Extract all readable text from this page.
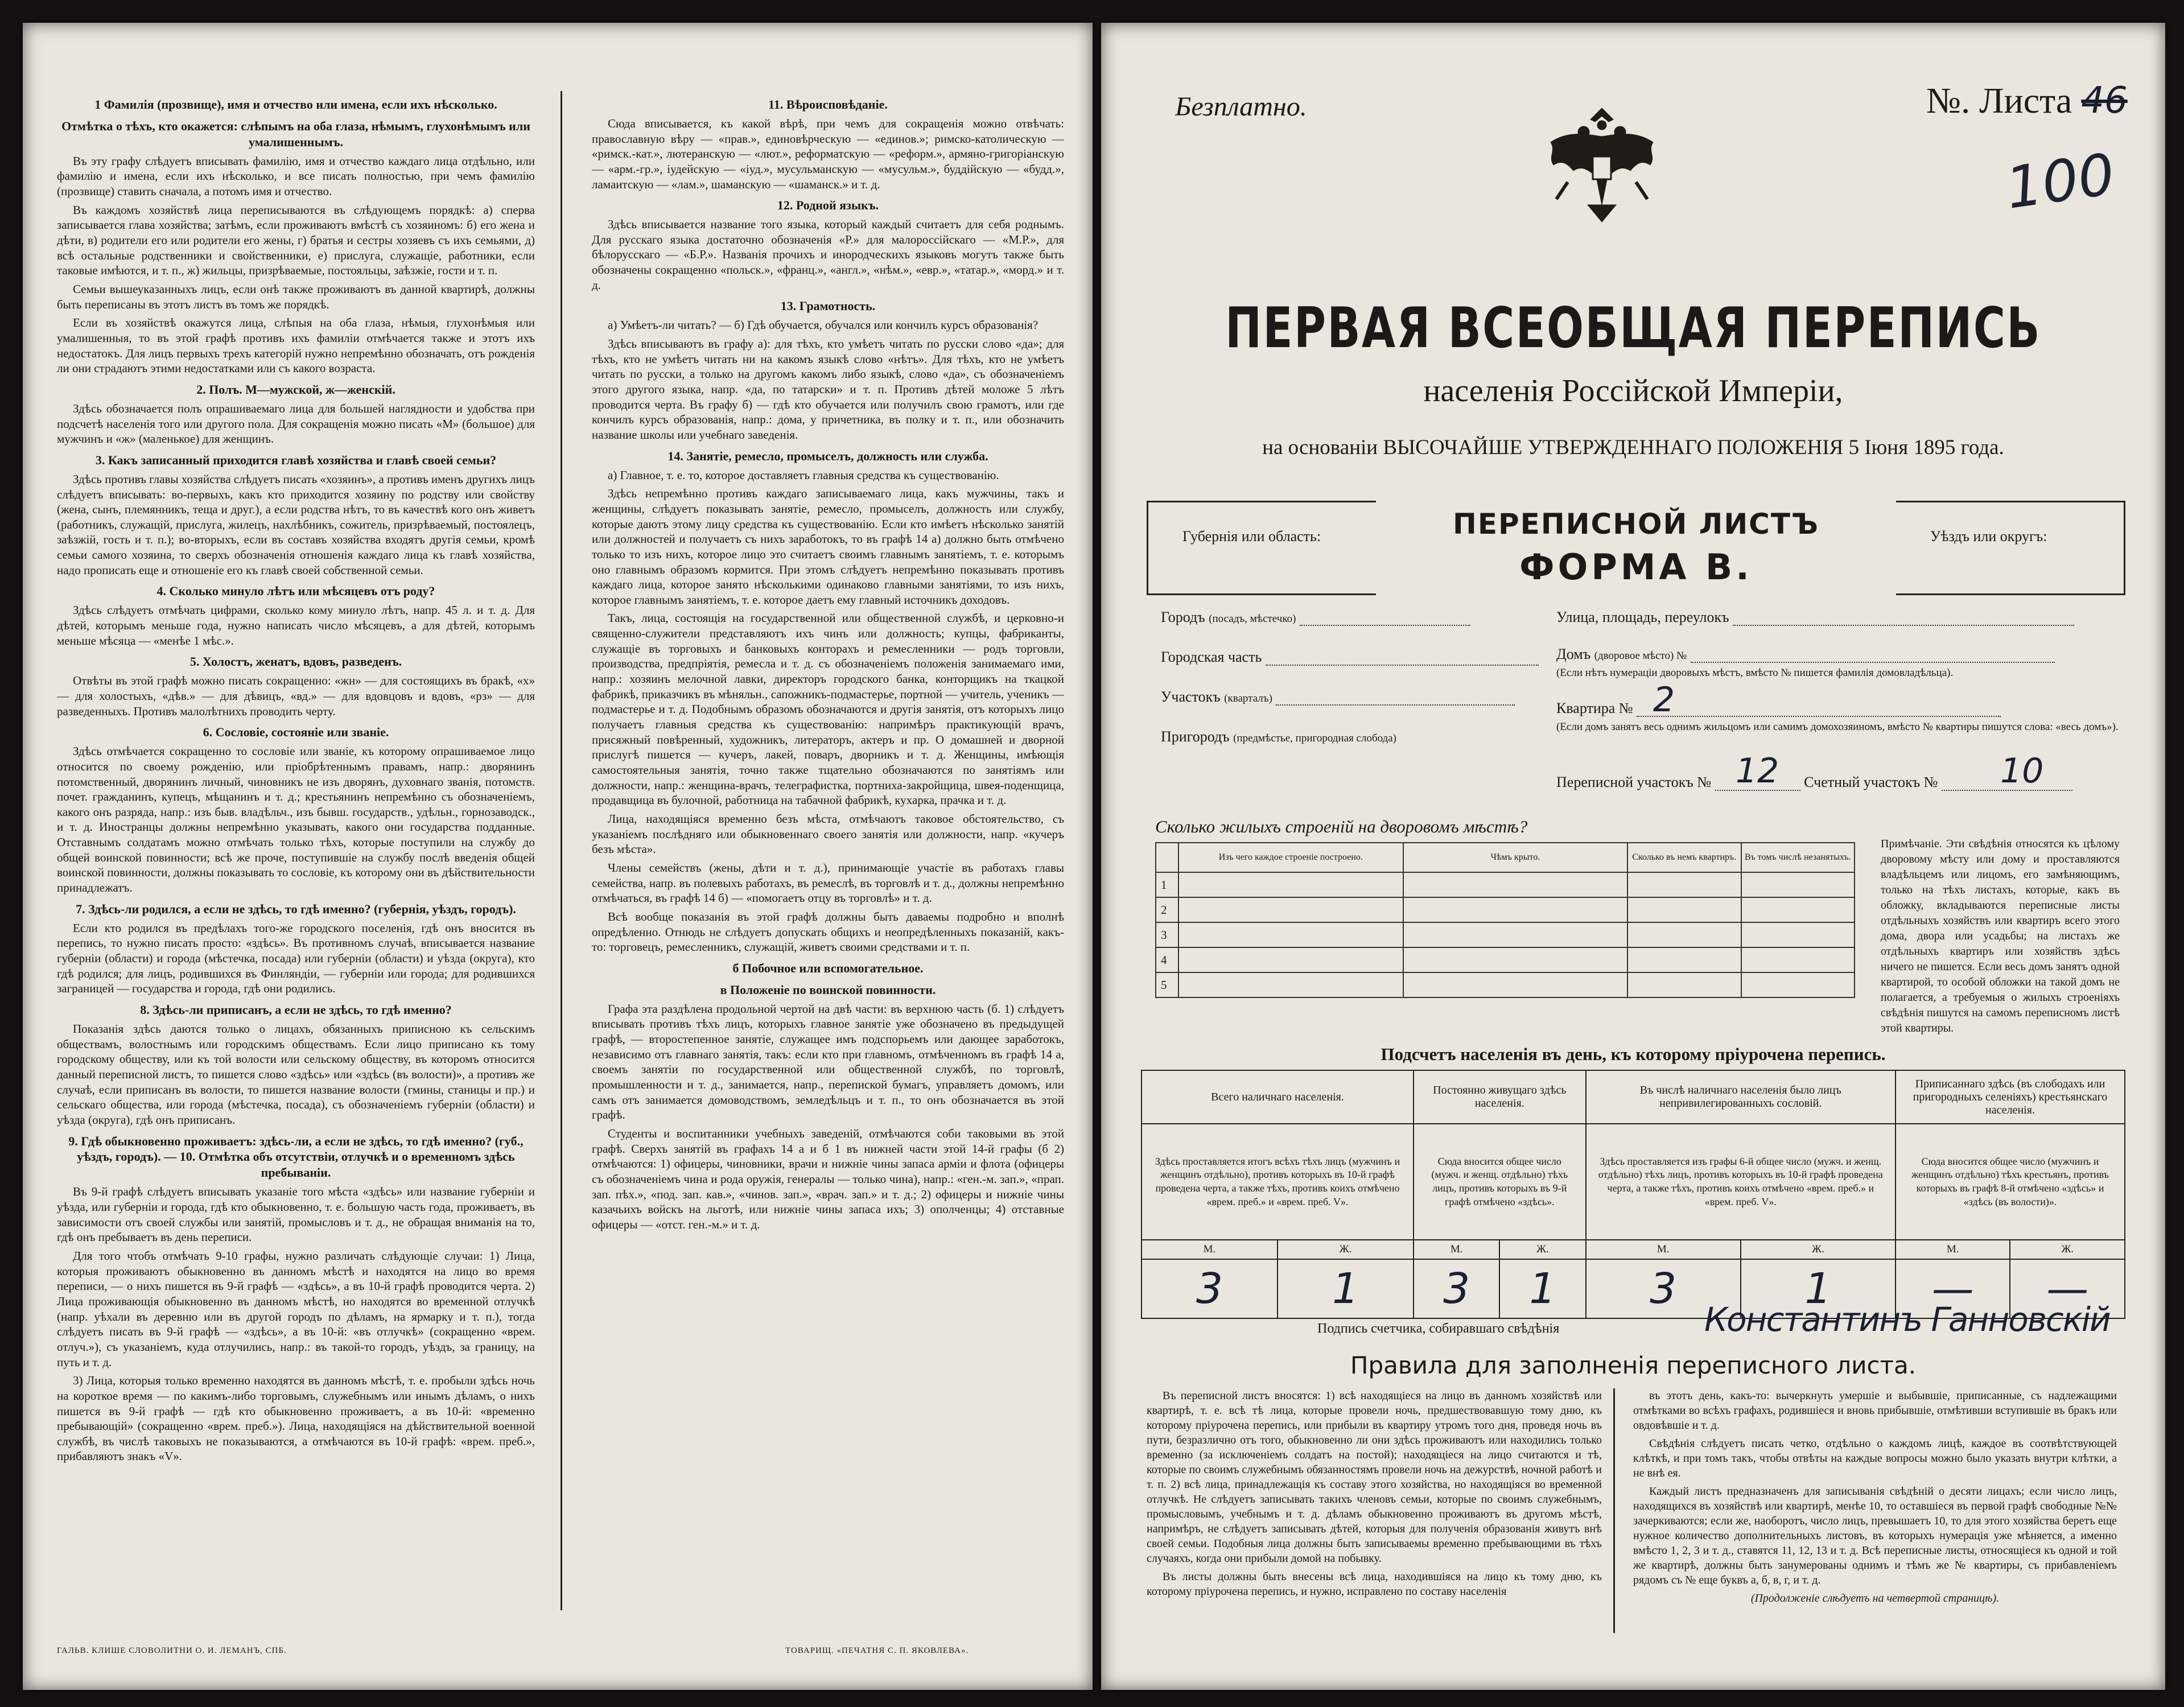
1 Фамилія (прозвище), имя и отчество или имена, если ихъ нѣсколько.

Отмѣтка о тѣхъ, кто окажется: слѣпымъ на оба глаза, нѣмымъ, глухонѣмымъ или умалишеннымъ.

Въ эту графу слѣдуетъ вписывать фамилію, имя и отчество каждаго лица отдѣльно, или фамилію и имена, если ихъ нѣсколько, и все писать полностью, при чемъ фамилію (прозвище) ставить сначала, а потомъ имя и отчество.

Въ каждомъ хозяйствѣ лица переписываются въ слѣдующемъ порядкѣ: а) сперва записывается глава хозяйства; затѣмъ, если проживаютъ вмѣстѣ съ хозяиномъ: б) его жена и дѣти, в) родители его или родители его жены, г) братья и сестры хозяевъ съ ихъ семьями, д) всѣ остальные родственники и свойственники, е) прислуга, служащіе, работники, если таковые имѣются, и т. п., ж) жильцы, призрѣваемые, постояльцы, заѣзжіе, гости и т. п.

Семьи вышеуказанныхъ лицъ, если онѣ также проживаютъ въ данной квартирѣ, должны быть переписаны въ этотъ листъ въ томъ же порядкѣ.

Если въ хозяйствѣ окажутся лица, слѣпыя на оба глаза, нѣмыя, глухонѣмыя или умалишенныя, то въ этой графѣ противъ ихъ фамиліи отмѣчается также и этотъ ихъ недостатокъ. Для лицъ первыхъ трехъ категорій нужно непремѣнно обозначать, отъ рожденія ли они страдаютъ этими недостатками или съ какого возраста.

2. Полъ. М—мужской, ж—женскій.

Здѣсь обозначается полъ опрашиваемаго лица для большей наглядности и удобства при подсчетѣ населенія того или другого пола. Для сокращенія можно писать «М» (большое) для мужчинъ и «ж» (маленькое) для женщинъ.

3. Какъ записанный приходится главѣ хозяйства и главѣ своей семьи?

Здѣсь противъ главы хозяйства слѣдуетъ писать «хозяинъ», а противъ именъ другихъ лицъ слѣдуетъ вписывать: во-первыхъ, какъ кто приходится хозяину по родству или свойству (жена, сынъ, племянникъ, теща и друг.), а если родства нѣтъ, то въ качествѣ кого онъ живетъ (работникъ, служащій, прислуга, жилецъ, нахлѣбникъ, сожитель, призрѣваемый, постоялецъ, заѣзжій, гость и т. п.); во-вторыхъ, если въ составъ хозяйства входятъ другія семьи, кромѣ семьи самого хозяина, то сверхъ обозначенія отношенія каждаго лица къ главѣ хозяйства, надо прописать еще и отношеніе его къ главѣ своей собственной семьи.

4. Сколько минуло лѣтъ или мѣсяцевъ отъ роду?

Здѣсь слѣдуетъ отмѣчать цифрами, сколько кому минуло лѣтъ, напр. 45 л. и т. д. Для дѣтей, которымъ меньше года, нужно написать число мѣсяцевъ, а для дѣтей, которымъ меньше мѣсяца — «менѣе 1 мѣс.».

5. Холостъ, женатъ, вдовъ, разведенъ.

Отвѣты въ этой графѣ можно писать сокращенно: «жн» — для состоящихъ въ бракѣ, «х» — для холостыхъ, «дѣв.» — для дѣвицъ, «вд.» — для вдовцовъ и вдовъ, «рз» — для разведенныхъ. Противъ малолѣтнихъ проводить черту.

6. Сословіе, состояніе или званіе.

Здѣсь отмѣчается сокращенно то сословіе или званіе, къ которому опрашиваемое лицо относится по своему рожденію, или пріобрѣтеннымъ правамъ, напр.: дворянинъ потомственный, дворянинъ личный, чиновникъ не изъ дворянъ, духовнаго званія, потомств. почет. гражданинъ, купецъ, мѣщанинъ и т. д.; крестьянинъ непремѣнно съ обозначеніемъ, какого онъ разряда, напр.: изъ быв. владѣльч., изъ бывш. государств., удѣльн., горнозаводск., и т. д. Иностранцы должны непремѣнно указывать, какого они государства подданные. Отставнымъ солдатамъ можно отмѣчать только тѣхъ, которые поступили на службу до общей воинской повинности; всѣ же проче, поступившіе на службу послѣ введенія общей воинской повинности, должны показывать то сословіе, къ которому они въ дѣйствительности принадлежатъ.

7. Здѣсь-ли родился, а если не здѣсь, то гдѣ именно? (губернія, уѣздъ, городъ).

Если кто родился въ предѣлахъ того-же городского поселенія, гдѣ онъ вносится въ перепись, то нужно писать просто: «здѣсь». Въ противномъ случаѣ, вписывается название губерніи (области) и города (мѣстечка, посада) или губерніи (области) и уѣзда (округа), кто гдѣ родился; для лицъ, родившихся въ Финляндіи, — губерніи или города; для родившихся заграницей — государства и города, гдѣ они родились.

8. Здѣсь-ли приписанъ, а если не здѣсь, то гдѣ именно?

Показанія здѣсь даются только о лицахъ, обязанныхъ приписною къ сельскимъ обществамъ, волостнымъ или городскимъ обществамъ. Если лицо приписано къ тому городскому обществу, или къ той волости или сельскому обществу, въ которомъ относится данный переписной листъ, то пишется слово «здѣсь» или «здѣсь (въ волости)», а противъ же случаѣ, если приписанъ въ волости, то пишется название волости (гмины, станицы и пр.) и сельскаго общества, или города (мѣстечка, посада), съ обозначеніемъ губерніи (области) и уѣзда (округа), гдѣ онъ приписанъ.

9. Гдѣ обыкновенно проживаетъ: здѣсь-ли, а если не здѣсь, то гдѣ именно? (губ., уѣздъ, городъ). — 10. Отмѣтка объ отсутствіи, отлучкѣ и о временномъ здѣсь пребываніи.

Въ 9-й графѣ слѣдуетъ вписывать указаніе того мѣста «здѣсь» или название губерніи и уѣзда, или губерніи и города, гдѣ кто обыкновенно, т. е. большую часть года, проживаетъ, въ зависимости отъ своей службы или занятій, промысловъ и т. д., не обращая вниманія на то, гдѣ онъ пребываетъ въ день переписи.

Для того чтобъ отмѣчать 9-10 графы, нужно различать слѣдующіе случаи: 1) Лица, которыя проживаютъ обыкновенно въ данномъ мѣстѣ и находятся на лицо во время переписи, — о нихъ пишется въ 9-й графѣ — «здѣсь», а въ 10-й графѣ проводится черта. 2) Лица проживающія обыкновенно въ данномъ мѣстѣ, но находятся во временной отлучкѣ (напр. уѣхали въ деревню или въ другой городъ по дѣламъ, на ярмарку и т. п.), тогда слѣдуетъ писать въ 9-й графѣ — «здѣсь», а въ 10-й: «въ отлучкѣ» (сокращенно «врем. отлуч.»), съ указаніемъ, куда отлучились, напр.: въ такой-то городъ, уѣздъ, за границу, на путь и т. д.

3) Лица, которыя только временно находятся въ данномъ мѣстѣ, т. е. пробыли здѣсь ночь на короткое время — по какимъ-либо торговымъ, служебнымъ или инымъ дѣламъ, о нихъ пишется въ 9-й графѣ — гдѣ кто обыкновенно проживаетъ, а въ 10-й: «временно пребывающій» (сокращенно «врем. преб.»). Лица, находящіяся на дѣйствительной военной службѣ, въ числѣ таковыхъ не показываются, а отмѣчаются въ 10-й графѣ: «врем. преб.», прибавляютъ знакъ «V».

11. Вѣроисповѣданіе.

Сюда вписывается, къ какой вѣрѣ, при чемъ для сокращенія можно отвѣчать: православную вѣру — «прав.», единовѣрческую — «единов.»; римско-католическую — «римск.-кат.», лютеранскую — «лют.», реформатскую — «реформ.», армяно-григоріанскую — «арм.-гр.», іудейскую — «іуд.», мусульманскую — «мусульм.», буддійскую — «будд.», ламаитскую — «лам.», шаманскую — «шаманск.» и т. д.

12. Родной языкъ.

Здѣсь вписывается название того языка, который каждый считаетъ для себя роднымъ. Для русскаго языка достаточно обозначенія «Р.» для малороссійскаго — «М.Р.», для бѣлорусскаго — «Б.Р.». Названія прочихъ и инородческихъ языковъ могутъ также быть обозначены сокращенно «польск.», «франц.», «англ.», «нѣм.», «евр.», «татар.», «морд.» и т. д.

13. Грамотность.

а) Умѣетъ-ли читать? — б) Гдѣ обучается, обучался или кончилъ курсъ образованія?

Здѣсь вписываютъ въ графу а): для тѣхъ, кто умѣетъ читать по русски слово «да»; для тѣхъ, кто не умѣетъ читать ни на какомъ языкѣ слово «нѣтъ». Для тѣхъ, кто не умѣетъ читать по русски, а только на другомъ какомъ либо языкѣ, слово «да», съ обозначеніемъ этого другого языка, напр. «да, по татарски» и т. п. Противъ дѣтей моложе 5 лѣтъ проводится черта. Въ графу б) — гдѣ кто обучается или получилъ свою грамотъ, или где кончилъ курсъ образованія, напр.: дома, у причетника, въ полку и т. п., или обозначить название школы или учебнаго заведенія.

14. Занятіе, ремесло, промыселъ, должность или служба.

а) Главное, т. е. то, которое доставляетъ главныя средства къ существованію.

Здѣсь непремѣнно противъ каждаго записываемаго лица, какъ мужчины, такъ и женщины, слѣдуетъ показывать занятіе, ремесло, промыселъ, должность или службу, которые даютъ этому лицу средства къ существованію. Если кто имѣетъ нѣсколько занятій или должностей и получаетъ съ нихъ заработокъ, то въ графѣ 14 а) должно быть отмѣчено только то изъ нихъ, которое лицо это считаетъ своимъ главнымъ занятіемъ, т. е. которымъ оно главнымъ образомъ кормится. При этомъ слѣдуетъ непремѣнно показывать противъ каждаго лица, которое занято нѣсколькими одинаково главными занятіями, то изъ нихъ, которое главнымъ занятіемъ, т. е. которое даетъ ему главный источникъ доходовъ.

Такъ, лица, состоящія на государственной или общественной службѣ, и церковно-и священно-служители представляютъ ихъ чинъ или должность; купцы, фабриканты, служащіе въ торговыхъ и банковыхъ конторахъ и ремесленники — родъ торговли, производства, предпріятія, ремесла и т. д. съ обозначеніемъ положенія занимаемаго ими, напр.: хозяинъ мелочной лавки, директоръ городского банка, конторщикъ на ткацкой фабрикѣ, приказчикъ въ мѣняльн., сапожникъ-подмастерье, портной — учитель, ученикъ — подмастерье и т. д. Подобнымъ образомъ обозначаются и другія занятія, отъ которыхъ лицо получаетъ главныя средства къ существованію: напримѣръ практикующій врачъ, присяжный повѣренный, художникъ, литераторъ, актеръ и пр. О домашней и дворной прислугѣ пишется — кучеръ, лакей, поваръ, дворникъ и т. д. Женщины, имѣющія самостоятельныя занятія, точно также тщательно обозначаются по занятіямъ или должности, напр.: женщина-врачъ, телеграфистка, портниха-закройщица, швея-поденщица, продавщица въ булочной, работница на табачной фабрикѣ, кухарка, прачка и т. д.

Лица, находящіяся временно безъ мѣста, отмѣчаютъ таковое обстоятельство, съ указаніемъ послѣдняго или обыкновеннаго своего занятія или должности, напр. «кучеръ безъ мѣста».

Члены семействъ (жены, дѣти и т. д.), принимающіе участіе въ работахъ главы семейства, напр. въ полевыхъ работахъ, въ ремеслѣ, въ торговлѣ и т. д., должны непремѣнно отмѣчаться, въ графѣ 14 б) — «помогаетъ отцу въ торговлѣ» и т. д.

Всѣ вообще показанія въ этой графѣ должны быть даваемы подробно и вполнѣ опредѣленно. Отнюдь не слѣдуетъ допускать общихъ и неопредѣленныхъ показаній, какъ-то: торговецъ, ремесленникъ, служащій, живетъ своими средствами и т. п.

б Побочное или вспомогательное.

в Положеніе по воинской повинности.

Графа эта раздѣлена продольной чертой на двѣ части: въ верхнюю часть (б. 1) слѣдуетъ вписывать противъ тѣхъ лицъ, которыхъ главное занятіе уже обозначено въ предыдущей графѣ, — второстепенное занятіе, служащее имъ подспорьемъ или дающее заработокъ, независимо отъ главнаго занятія, такъ: если кто при главномъ, отмѣченномъ въ графѣ 14 а, своемъ занятіи по государственной или общественной службѣ, по торговлѣ, промышленности и т. д., занимается, напр., перепиской бумагъ, управляетъ домомъ, или самъ отъ занимается домоводствомъ, земледѣльцъ и т. п., то онъ обозначается въ этой графѣ.

Студенты и воспитанники учебныхъ заведеній, отмѣчаются соби таковыми въ этой графѣ. Сверхъ занятій въ графахъ 14 а и б 1 въ нижней части этой 14-й графы (б 2) отмѣчаются: 1) офицеры, чиновники, врачи и нижніе чины запаса арміи и флота (офицеры съ обозначеніемъ чина и рода оружія, генералы — только чина), напр.: «ген.-м. зап.», «прап. зап. пѣх.», «под. зап. кав.», «чинов. зап.», «врач. зап.» и т. д.; 2) офицеры и нижніе чины казачьихъ войскъ на льготѣ, или нижніе чины запаса ихъ; 3) ополченцы; 4) отставные офицеры — «отст. ген.-м.» и т. д.

ГАЛЬВ. КЛИШЕ СЛОВОЛИТНИ О. И. ЛЕМАНЪ, СПБ.	ТОВАРИЩ. «ПЕЧАТНЯ С. П. ЯКОВЛЕВА».
Безплатно.	№. Листа 46
100
ПЕРВАЯ ВСЕОБЩАЯ ПЕРЕПИСЬ
населенія Россійской Имперіи,
на основаніи ВЫСОЧАЙШЕ УТВЕРЖДЕННАГО ПОЛОЖЕНІЯ 5 Іюня 1895 года.
Губернія или область:	ПЕРЕПИСНОЙ ЛИСТЪ
ФОРМА В.
Уѣздъ или округъ:
Городъ (посадъ, мѣстечко)
Городская часть
Участокъ (кварталъ)
Пригородъ (предмѣстье, пригородная слобода)
Улица, площадь, переулокъ
Домъ (дворовое мѣсто) №
(Если нѣтъ нумераціи дворовыхъ мѣстъ, вмѣсто № пишется фамилія домовладѣльца).
Квартира №
(Если домъ занятъ весь однимъ жильцомъ или самимъ домохозяиномъ, вмѣсто № квартиры пишутся слова: «весь домъ»).
2
Переписной участокъ №	Счетный участокъ №
12	10
Сколько жилыхъ строеній на дворовомъ мѣстѣ?
	Изъ чего каждое строеніе построено.	Чѣмъ крыто.	Сколько въ немъ квартиръ.	Въ томъ числѣ незанятыхъ.
1				
2				
3				
4				
5				
Примѣчаніе. Эти свѣдѣнія относятся къ цѣлому дворовому мѣсту или дому и проставляются владѣльцемъ или лицомъ, его замѣняющимъ, только на тѣхъ листахъ, которые, какъ въ обложку, вкладываются переписные листы отдѣльныхъ хозяйствъ или квартиръ всего этого дома, двора или усадьбы; на листахъ же отдѣльныхъ квартиръ или хозяйствъ здѣсь ничего не пишется. Если весь домъ занятъ одной квартирой, то особой обложки на такой домъ не полагается, а требуемыя о жилыхъ строеніяхъ свѣдѣнія пишутся на самомъ переписномъ листѣ этой квартиры.
Подсчетъ населенія въ день, къ которому пріурочена перепись.
Всего наличнаго населенія.		Постоянно живущаго здѣсь населенія.		Въ числѣ наличнаго населенія было лицъ непривилегированныхъ сословій.		Приписаннаго здѣсь (въ слободахъ или пригородныхъ селеніяхъ) крестьянскаго населенія.	
Здѣсь проставляется итогъ всѣхъ тѣхъ лицъ (мужчинъ и женщинъ отдѣльно), противъ которыхъ въ 10-й графѣ проведена черта, а также тѣхъ, противъ коихъ отмѣчено «врем. преб.» и «врем. преб. V».		Сюда вносится общее число (мужч. и женщ. отдѣльно) тѣхъ лицъ, противъ которыхъ въ 9-й графѣ отмѣчено «здѣсь».		Здѣсь проставляется изъ графы 6-й общее число (мужч. и женщ. отдѣльно) тѣхъ лицъ, противъ которыхъ въ 10-й графѣ проведена черта, а также тѣхъ, противъ коихъ отмѣчено «врем. преб.» и «врем. преб. V».		Сюда вносится общее число (мужчинъ и женщинъ отдѣльно) тѣхъ крестьянъ, противъ которыхъ въ графѣ 8-й отмѣчено «здѣсь» и «здѣсь (въ волости)».	
М.	Ж.	М.	Ж.	М.	Ж.	М.	Ж.
3	1	3	1	3	1	—	—
Подпись счетчика, собиравшаго свѣдѣнія	Константинъ Ганновскій
Правила для заполненія переписного листа.

Въ переписной листъ вносятся: 1) всѣ находящіеся на лицо въ данномъ хозяйствѣ или квартирѣ, т. е. всѣ тѣ лица, которые провели ночь, предшествовавшую тому дню, къ которому пріурочена перепись, или прибыли въ квартиру утромъ того дня, проведя ночь въ пути, безразлично отъ того, обыкновенно ли они здѣсь проживаютъ или находились только временно (за исключеніемъ солдатъ на постой); находящіеся на лицо считаются и тѣ, которые по своимъ служебнымъ обязанностямъ провели ночь на дежурствѣ, ночной работѣ и т. п. 2) всѣ лица, принадлежащія къ составу этого хозяйства, но находящіяся во временной отлучкѣ. Не слѣдуетъ записывать такихъ членовъ семьи, которые по своимъ служебнымъ, промысловымъ, учебнымъ и т. д. дѣламъ обыкновенно проживаютъ въ другомъ мѣстѣ, напримѣръ, не слѣдуетъ записывать дѣтей, которыя для полученія образованія живутъ внѣ своей семьи. Подобныя лица должны быть записываемы временно пребывающими въ тѣхъ случаяхъ, когда они прибыли домой на побывку.

Въ листы должны быть внесены всѣ лица, находившіяся на лицо къ тому дню, къ которому пріурочена перепись, и нужно, исправлено по составу населенія

въ этотъ день, какъ-то: вычеркнуть умершіе и выбывшіе, приписанные, съ надлежащими отмѣтками во всѣхъ графахъ, родившіеся и вновь прибывшіе, отмѣтивши вступившіе въ бракъ или овдовѣвшіе и т. д.

Свѣдѣнія слѣдуетъ писать четко, отдѣльно о каждомъ лицѣ, каждое въ соотвѣтствующей клѣткѣ, и при томъ такъ, чтобы отвѣты на каждые вопросы можно было указать внутри клѣтки, а не внѣ ея.

Каждый листъ предназначенъ для записыванія свѣдѣній о десяти лицахъ; если число лицъ, находящихся въ хозяйствѣ или квартирѣ, менѣе 10, то оставшіеся въ первой графѣ свободные №№ зачеркиваются; если же, наоборотъ, число лицъ, превышаетъ 10, то для этого хозяйства беретъ еще нужное количество дополнительныхъ листовъ, въ которыхъ нумерація уже мѣняется, а именно вмѣсто 1, 2, 3 и т. д., ставятся 11, 12, 13 и т. д. Всѣ переписные листы, относящіеся къ одной и той же квартирѣ, должны быть занумерованы однимъ и тѣмъ же № квартиры, съ прибавленіемъ рядомъ съ № еще буквъ а, б, в, г, и т. д.

(Продолженіе слѣдуетъ на четвертой страницѣ).
